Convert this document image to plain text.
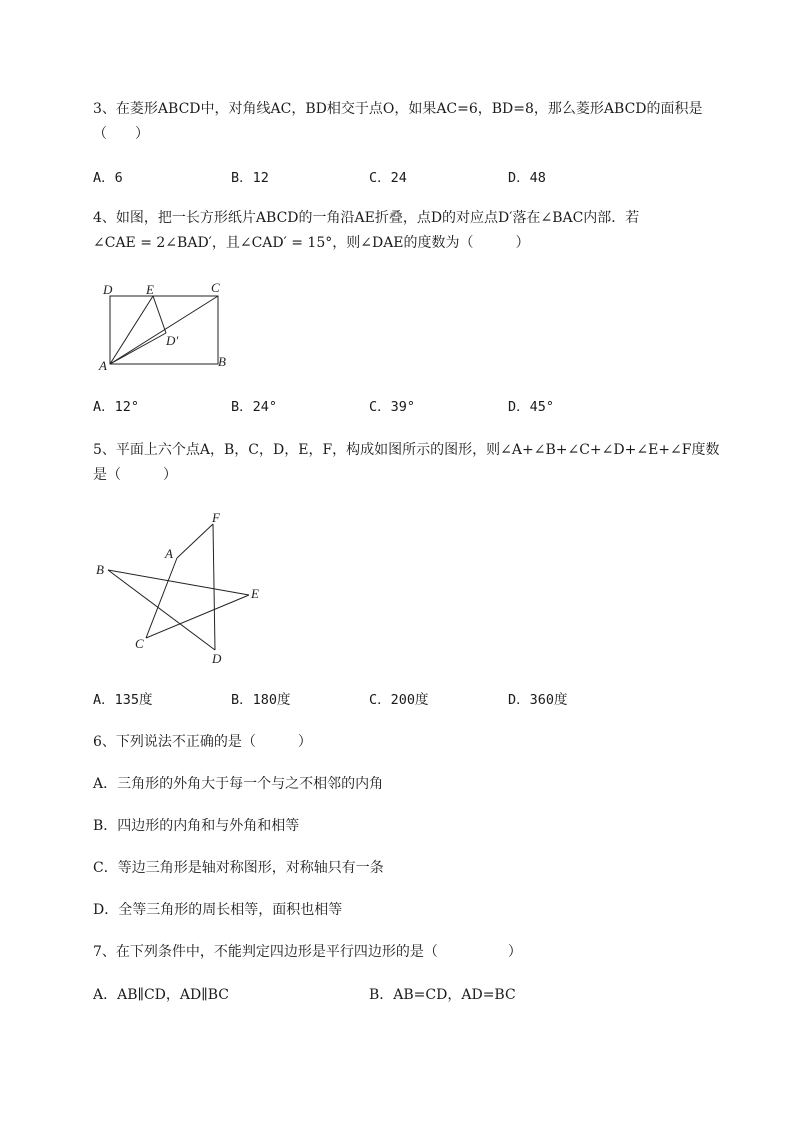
3、在菱形ABCD中，对角线AC，BD相交于点O，如果AC=6，BD=8，那么菱形ABCD的面积是
（　　）
A．6	B．12	C．24	D．48
4、如图，把一长方形纸片ABCD的一角沿AE折叠，点D的对应点D′落在∠BAC内部．若
∠CAE = 2∠BAD′，且∠CAD′ = 15°，则∠DAE的度数为（　　　）
D	E	C
D′
A	B
A．12°	B．24°	C．39°	D．45°
5、平面上六个点A，B，C，D，E，F，构成如图所示的图形，则∠A+∠B+∠C+∠D+∠E+∠F度数
是（　　　）
F
A
B
E
C
D
A．135度	B．180度	C．200度	D．360度
6、下列说法不正确的是（　　　）
A．三角形的外角大于每一个与之不相邻的内角
B．四边形的内角和与外角和相等
C．等边三角形是轴对称图形，对称轴只有一条
D．全等三角形的周长相等，面积也相等
7、在下列条件中，不能判定四边形是平行四边形的是（　　　　　）
A．AB∥CD，AD∥BC	B．AB=CD，AD=BC
